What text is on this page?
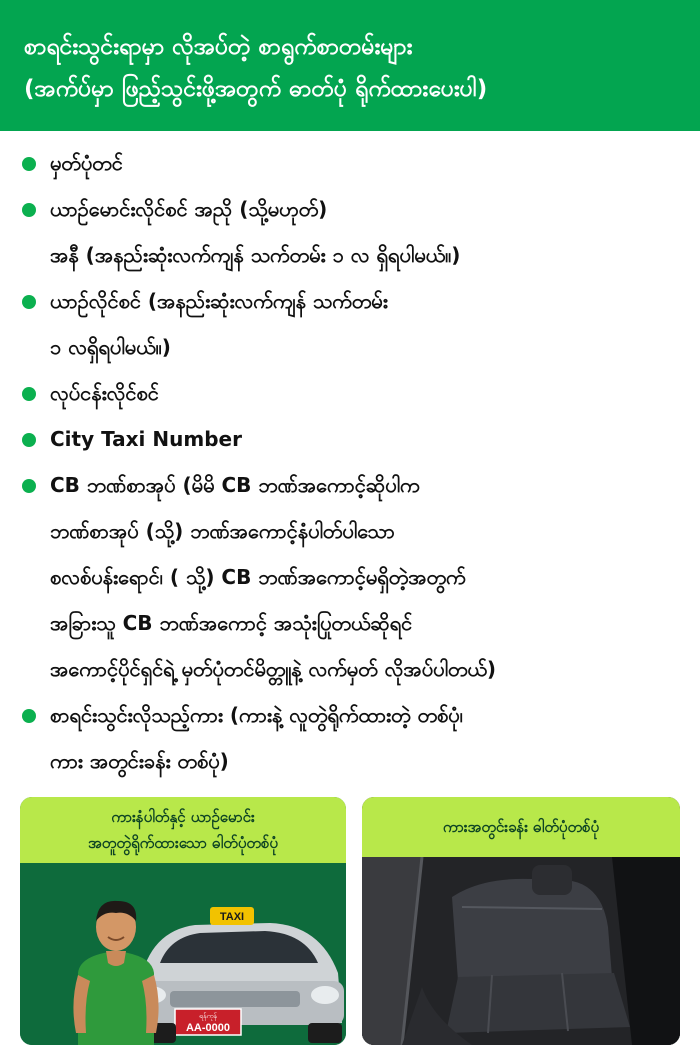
စာရင်းသွင်းရာမှာ လိုအပ်တဲ့ စာရွက်စာတမ်းများ
(အက်ပ်မှာ ဖြည့်သွင်းဖို့အတွက် ဓာတ်ပုံ ရိုက်ထားပေးပါ)
မှတ်ပုံတင်
ယာဉ်မောင်းလိုင်စင် အညို (သို့မဟုတ်)
အနီ (အနည်းဆုံးလက်ကျန် သက်တမ်း ၁ လ ရှိရပါမယ်။)
ယာဉ်လိုင်စင် (အနည်းဆုံးလက်ကျန် သက်တမ်း
၁ လရှိရပါမယ်။)
လုပ်ငန်းလိုင်စင်
City Taxi Number
CB ဘဏ်စာအုပ် (မိမိ CB ဘဏ်အကောင့်ဆိုပါက
ဘဏ်စာအုပ် (သို့) ဘဏ်အကောင့်နံပါတ်ပါသော
စလစ်ပန်းရောင်၊ ( သို့) CB ဘဏ်အကောင့်မရှိတဲ့အတွက်
အခြားသူ CB ဘဏ်အကောင့် အသုံးပြုတယ်ဆိုရင်
အကောင့်ပိုင်ရှင်ရဲ့ မှတ်ပုံတင်မိတ္တူနဲ့ လက်မှတ် လိုအပ်ပါတယ်)
စာရင်းသွင်းလိုသည့်ကား (ကားနဲ့ လူတွဲရိုက်ထားတဲ့ တစ်ပုံ၊
ကား အတွင်းခန်း တစ်ပုံ)
ကားနံပါတ်နှင့် ယာဉ်မောင်း
အတူတွဲရိုက်ထားသော ဓါတ်ပုံတစ်ပုံ
TAXI
ရန်ကုန်
AA-0000
ကားအတွင်းခန်း ဓါတ်ပုံတစ်ပုံ
